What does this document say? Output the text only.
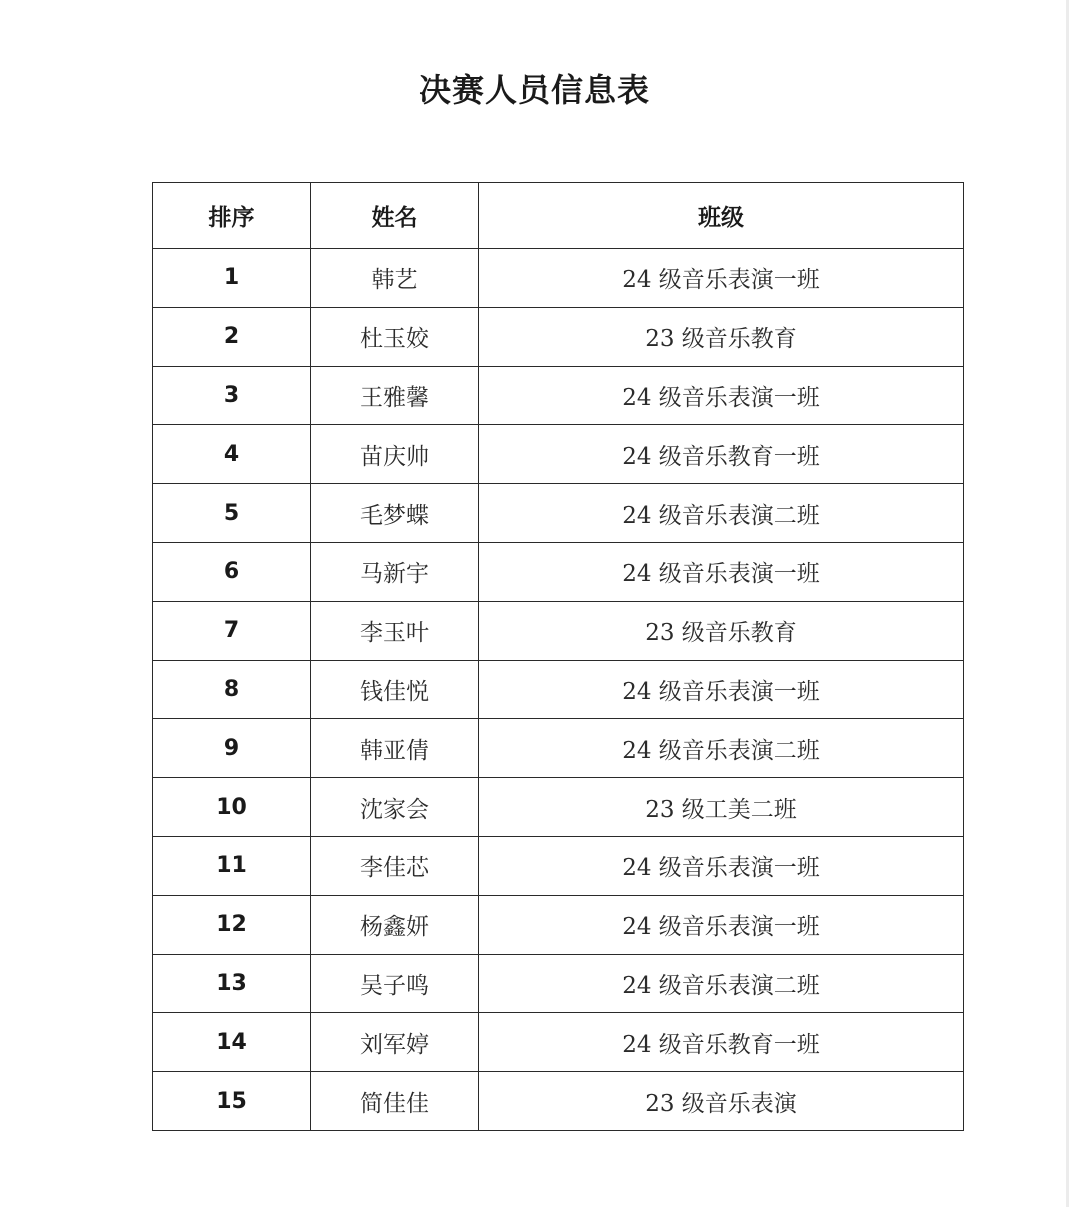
决赛人员信息表
排序	姓名	班级
1	韩艺	24 级音乐表演一班
2	杜玉姣	23 级音乐教育
3	王雅馨	24 级音乐表演一班
4	苗庆帅	24 级音乐教育一班
5	毛梦蝶	24 级音乐表演二班
6	马新宇	24 级音乐表演一班
7	李玉叶	23 级音乐教育
8	钱佳悦	24 级音乐表演一班
9	韩亚倩	24 级音乐表演二班
10	沈家会	23 级工美二班
11	李佳芯	24 级音乐表演一班
12	杨鑫妍	24 级音乐表演一班
13	吴子鸣	24 级音乐表演二班
14	刘军婷	24 级音乐教育一班
15	简佳佳	23 级音乐表演
